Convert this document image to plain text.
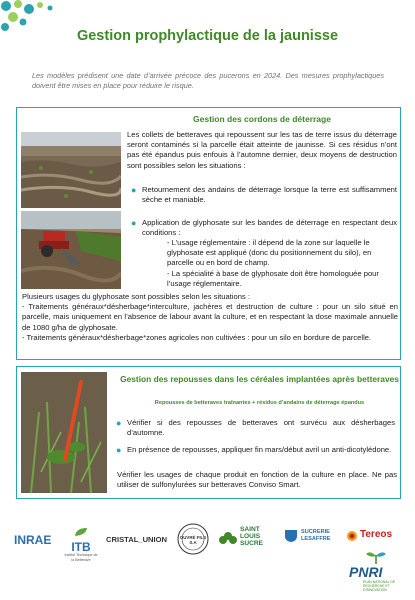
Gestion prophylactique de la jaunisse

Les modèles prédisent une date d’arrivée précoce des pucerons en 2024. Des mesures prophylactiques doivent être mises en place pour réduire le risque.

Gestion des cordons de déterrage

Les collets de betteraves qui repoussent sur les tas de terre issus du déterrage seront contaminés si la parcelle était atteinte de jaunisse. Si ces résidus n’ont pas été épandus puis enfouis à l’automne dernier, deux moyens de destruction sont possibles selon les situations :

● Retournement des andains de déterrage lorsque la terre est suffisamment sèche et maniable.
● Application de glyphosate sur les bandes de déterrage en respectant deux conditions :
- L’usage réglementaire : il dépend de la zone sur laquelle le glyphosate est appliqué (donc du positionnement du silo), en parcelle ou en bord de champ.
- La spécialité à base de glyphosate doit être homologuée pour l’usage réglementaire.
Plusieurs usages du glyphosate sont possibles selon les situations :
- Traitements généraux*désherbage*interculture, jachères et destruction de culture : pour un silo situé en parcelle, mais uniquement en l’absence de labour avant la culture, et en respectant la dose maximale annuelle de 1080 g/ha de glyphosate.
- Traitements généraux*désherbage*zones agricoles non cultivées : pour un silo en bordure de parcelle.
Gestion des repousses dans les céréales implantées après betteraves
Repousses de betteraves traînantes + résidus d’andains de déterrage épandus
● Vérifier si des repousses de betteraves ont survécu aux désherbages d’automne.
● En présence de repousses, appliquer fin mars/début avril un anti-dicotylédone.

Vérifier les usages de chaque produit en fonction de la culture en place. Ne pas utiliser de sulfonylurées sur betteraves Conviso Smart.

INRAE	ITB
Institut Technique de la Betterave
CRISTAL_UNION	OUVRÉ FILS S.A
SAINT
LOUIS
SUCRE
SUCRERIE
LESAFFRE	Tereos
PNRI
PLAN NATIONAL DE RECHERCHE ET D'INNOVATION
